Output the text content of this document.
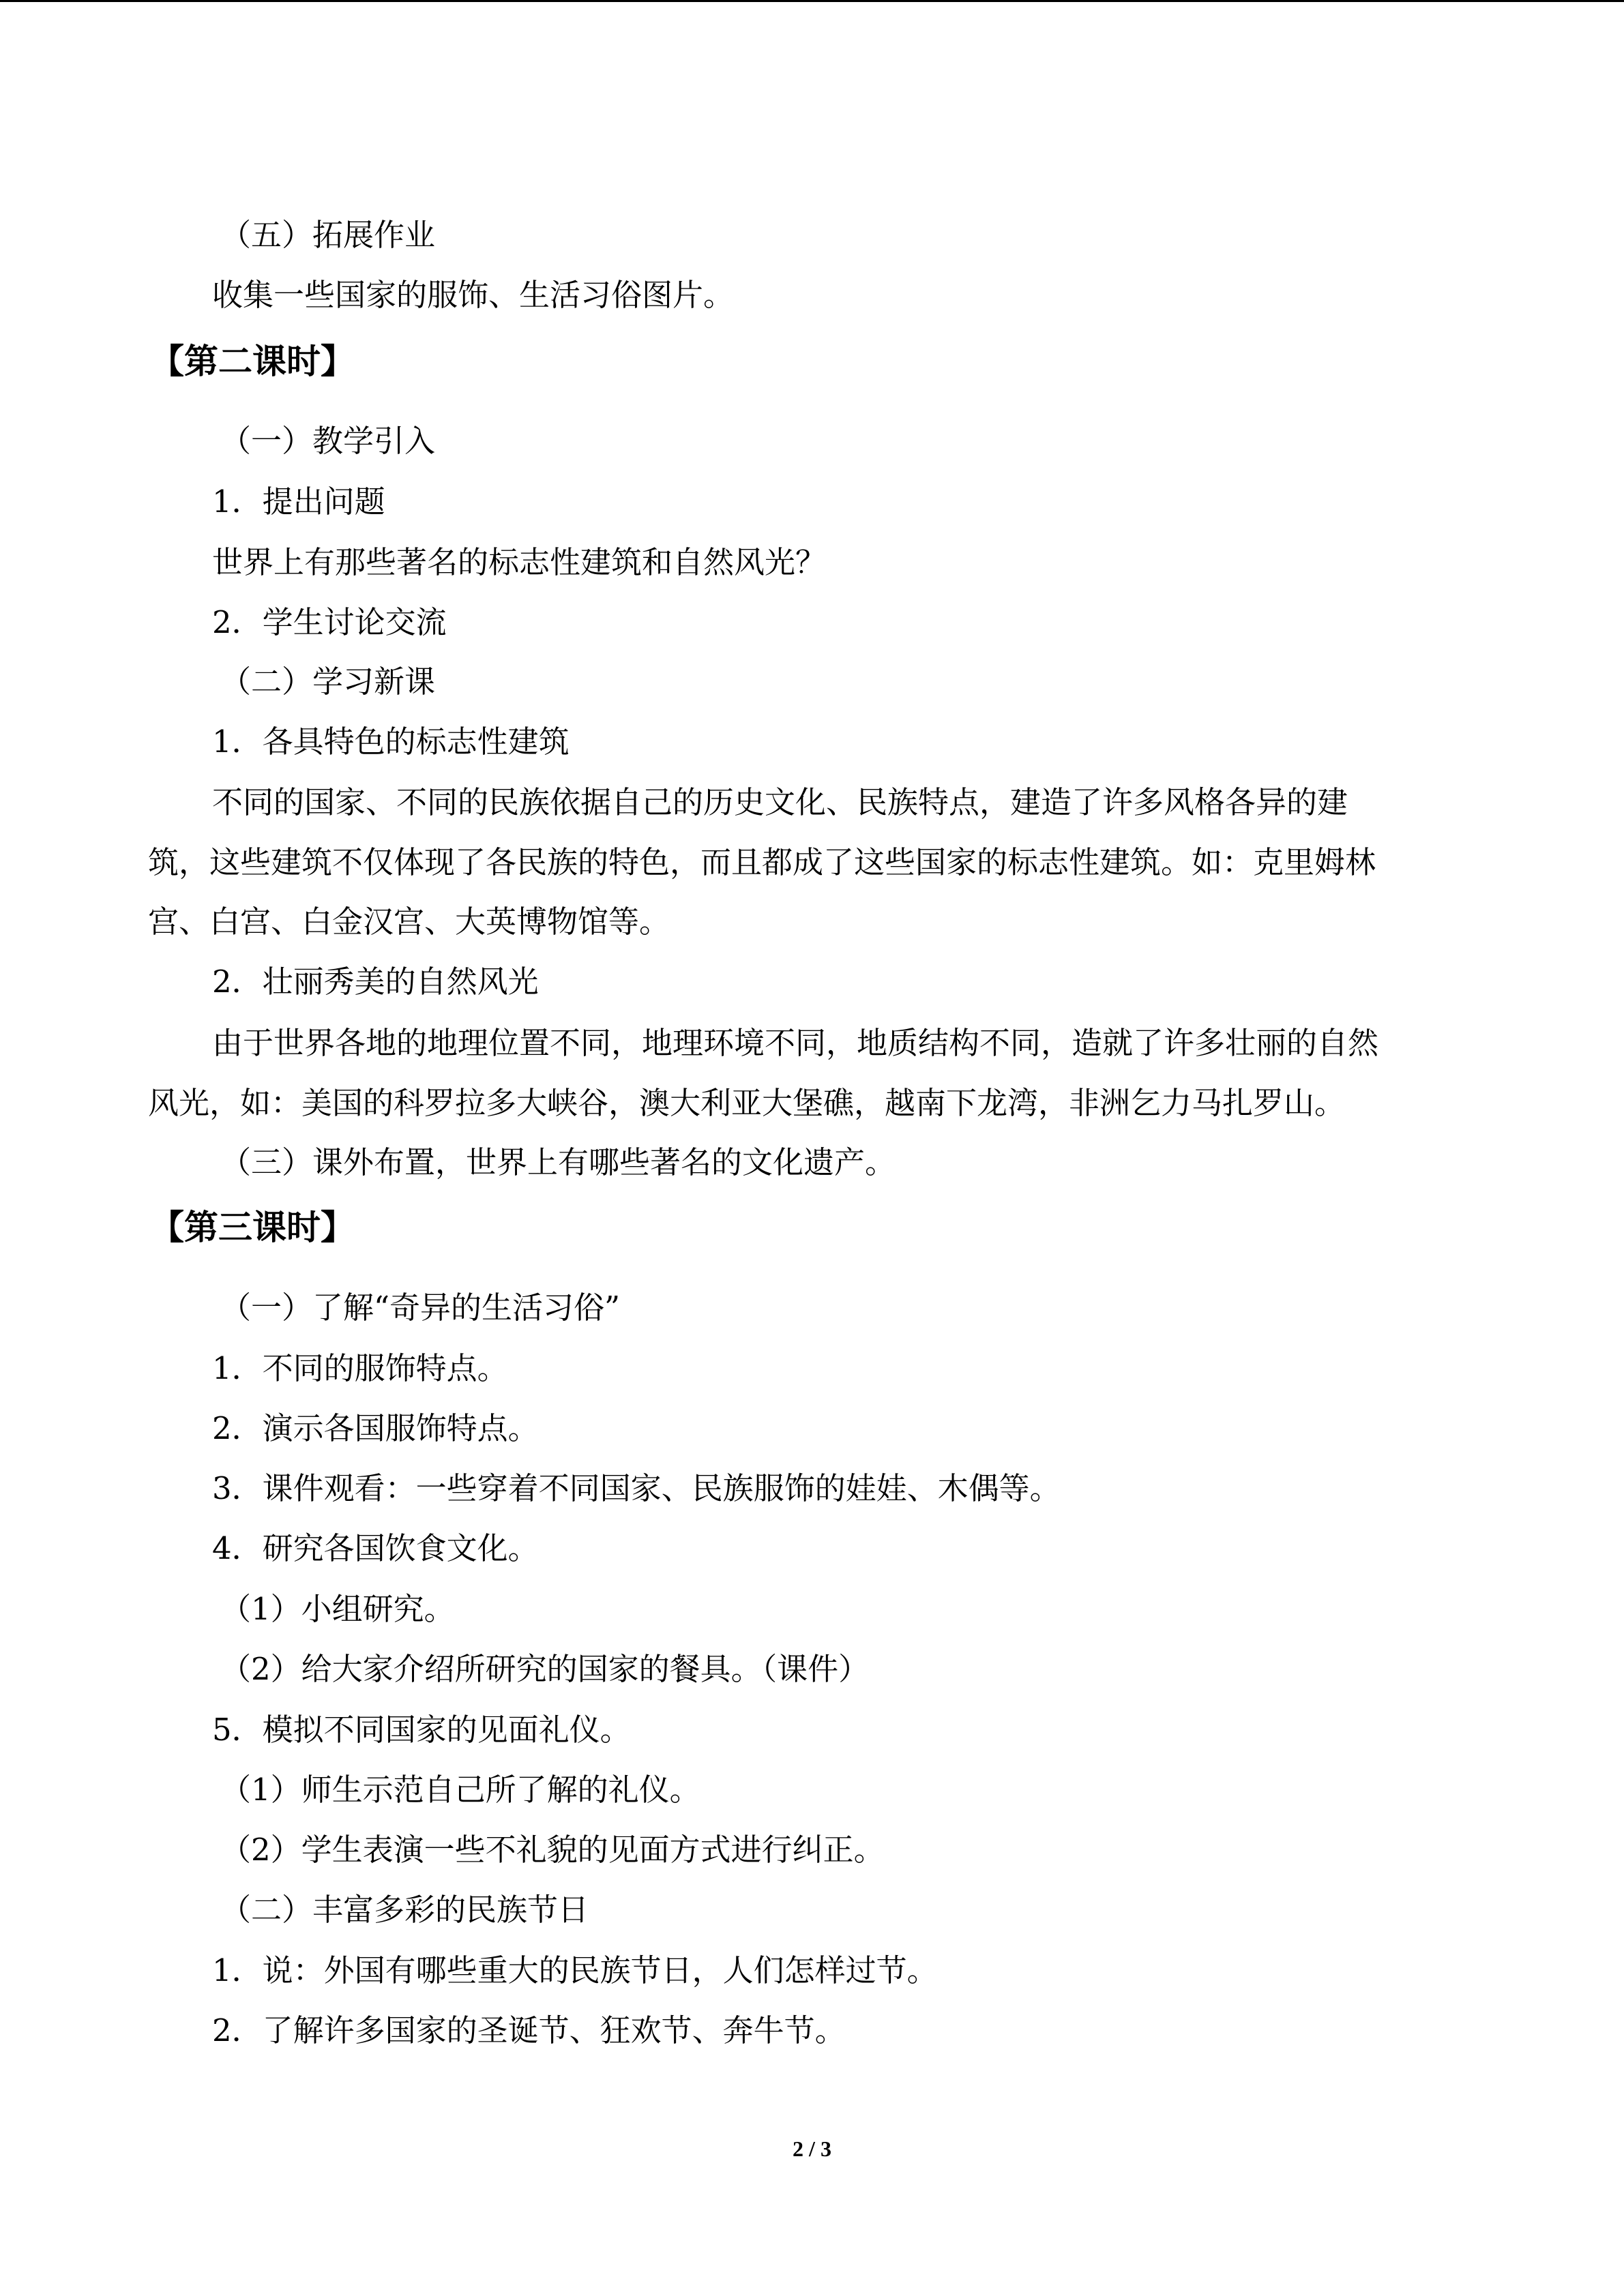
（五）拓展作业
收集一些国家的服饰、生活习俗图片。
【第二课时】
（一）教学引入
1．提出问题
世界上有那些著名的标志性建筑和自然风光？
2．学生讨论交流
（二）学习新课
1．各具特色的标志性建筑
不同的国家、不同的民族依据自己的历史文化、民族特点，建造了许多风格各异的建
筑，这些建筑不仅体现了各民族的特色，而且都成了这些国家的标志性建筑。如：克里姆林
宫、白宫、白金汉宫、大英博物馆等。
2．壮丽秀美的自然风光
由于世界各地的地理位置不同，地理环境不同，地质结构不同，造就了许多壮丽的自然
风光，如：美国的科罗拉多大峡谷，澳大利亚大堡礁，越南下龙湾，非洲乞力马扎罗山。
（三）课外布置，世界上有哪些著名的文化遗产。
【第三课时】
（一）了解“奇异的生活习俗”
1．不同的服饰特点。
2．演示各国服饰特点。
3．课件观看：一些穿着不同国家、民族服饰的娃娃、木偶等。
4．研究各国饮食文化。
（1）小组研究。
（2）给大家介绍所研究的国家的餐具。（课件）
5．模拟不同国家的见面礼仪。
（1）师生示范自己所了解的礼仪。
（2）学生表演一些不礼貌的见面方式进行纠正。
（二）丰富多彩的民族节日
1．说：外国有哪些重大的民族节日，人们怎样过节。
2．了解许多国家的圣诞节、狂欢节、奔牛节。
2 / 3
